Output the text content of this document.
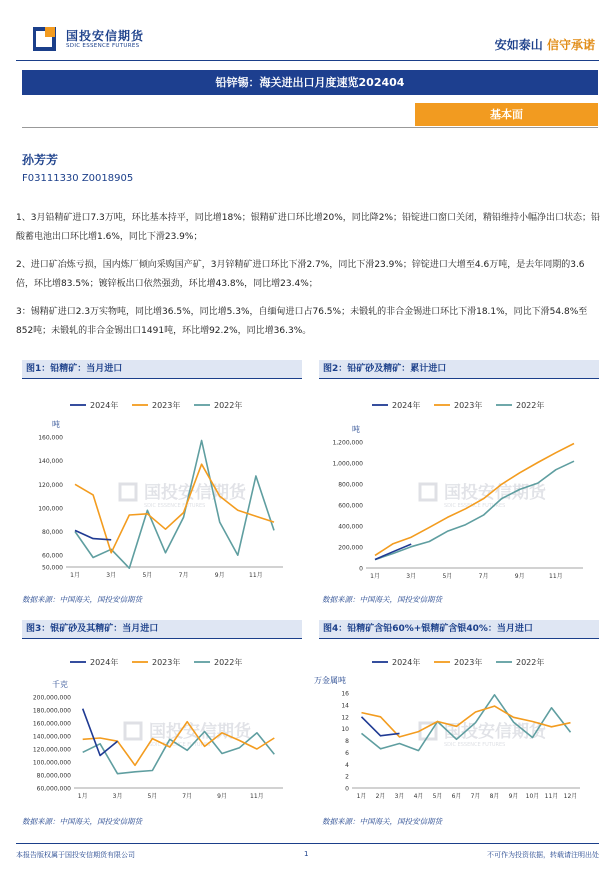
国投安信期货
SDIC ESSENCE FUTURES	安如泰山 信守承诺
铅锌锡：海关进出口月度速览202404
基本面
孙芳芳
F03111330 Z0018905
1、3月铅精矿进口7.3万吨，环比基本持平，同比增18%；银精矿进口环比增20%，同比降2%；铅锭进口窗口关闭，精铅维持小幅净出口状态；铅酸蓄电池出口环比增1.6%，同比下滑23.9%；
2、进口矿冶炼亏损，国内炼厂倾向采购国产矿，3月锌精矿进口环比下滑2.7%，同比下滑23.9%；锌锭进口大增至4.6万吨，是去年同期的3.6倍，环比增83.5%；镀锌板出口依然强劲，环比增43.8%，同比增23.4%；
3：锡精矿进口2.3万实物吨，同比增36.5%，同比增5.3%，自缅甸进口占76.5%；未锻轧的非合金锡进口环比下滑18.1%，同比下滑54.8%至852吨；未锻轧的非合金锡出口1491吨，环比增92.2%，同比增36.3%。
图1：铅精矿：当月进口	图2：铅矿砂及精矿：累计进口
图3：银矿砂及其精矿：当月进口	图4：铅精矿含铅60%+银精矿含银40%：当月进口
国投安信期货
SDIC ESSENCE FUTURES
吨
160,000
140,000
120,000
100,000
80,000
60,000
50,000
1月	3月	5月	7月	9月	11月
2024年	2023年	2022年
国投安信期货
SDIC ESSENCE FUTURES
吨
1,200,000
1,000,000
800,000
600,000
400,000
200,000
0
1月	3月	5月	7月	9月	11月
2024年	2023年	2022年
国投安信期货
SDIC ESSENCE FUTURES
千克
200,000,000
180,000,000
160,000,000
140,000,000
120,000,000
100,000,000
80,000,000
60,000,000
1月	3月	5月	7月	9月	11月
2024年	2023年	2022年
国投安信期货
SDIC ESSENCE FUTURES
万金属吨
16
14
12
10
8
6
4
2
0
1月 2月 3月 4月 5月 6月 7月 8月 9月 10月 11月 12月
2024年	2023年	2022年
数据来源：中国海关，国投安信期货	数据来源：中国海关，国投安信期货
数据来源：中国海关，国投安信期货	数据来源：中国海关，国投安信期货
本报告版权属于国投安信期货有限公司	1	不可作为投资依据，转载请注明出处
